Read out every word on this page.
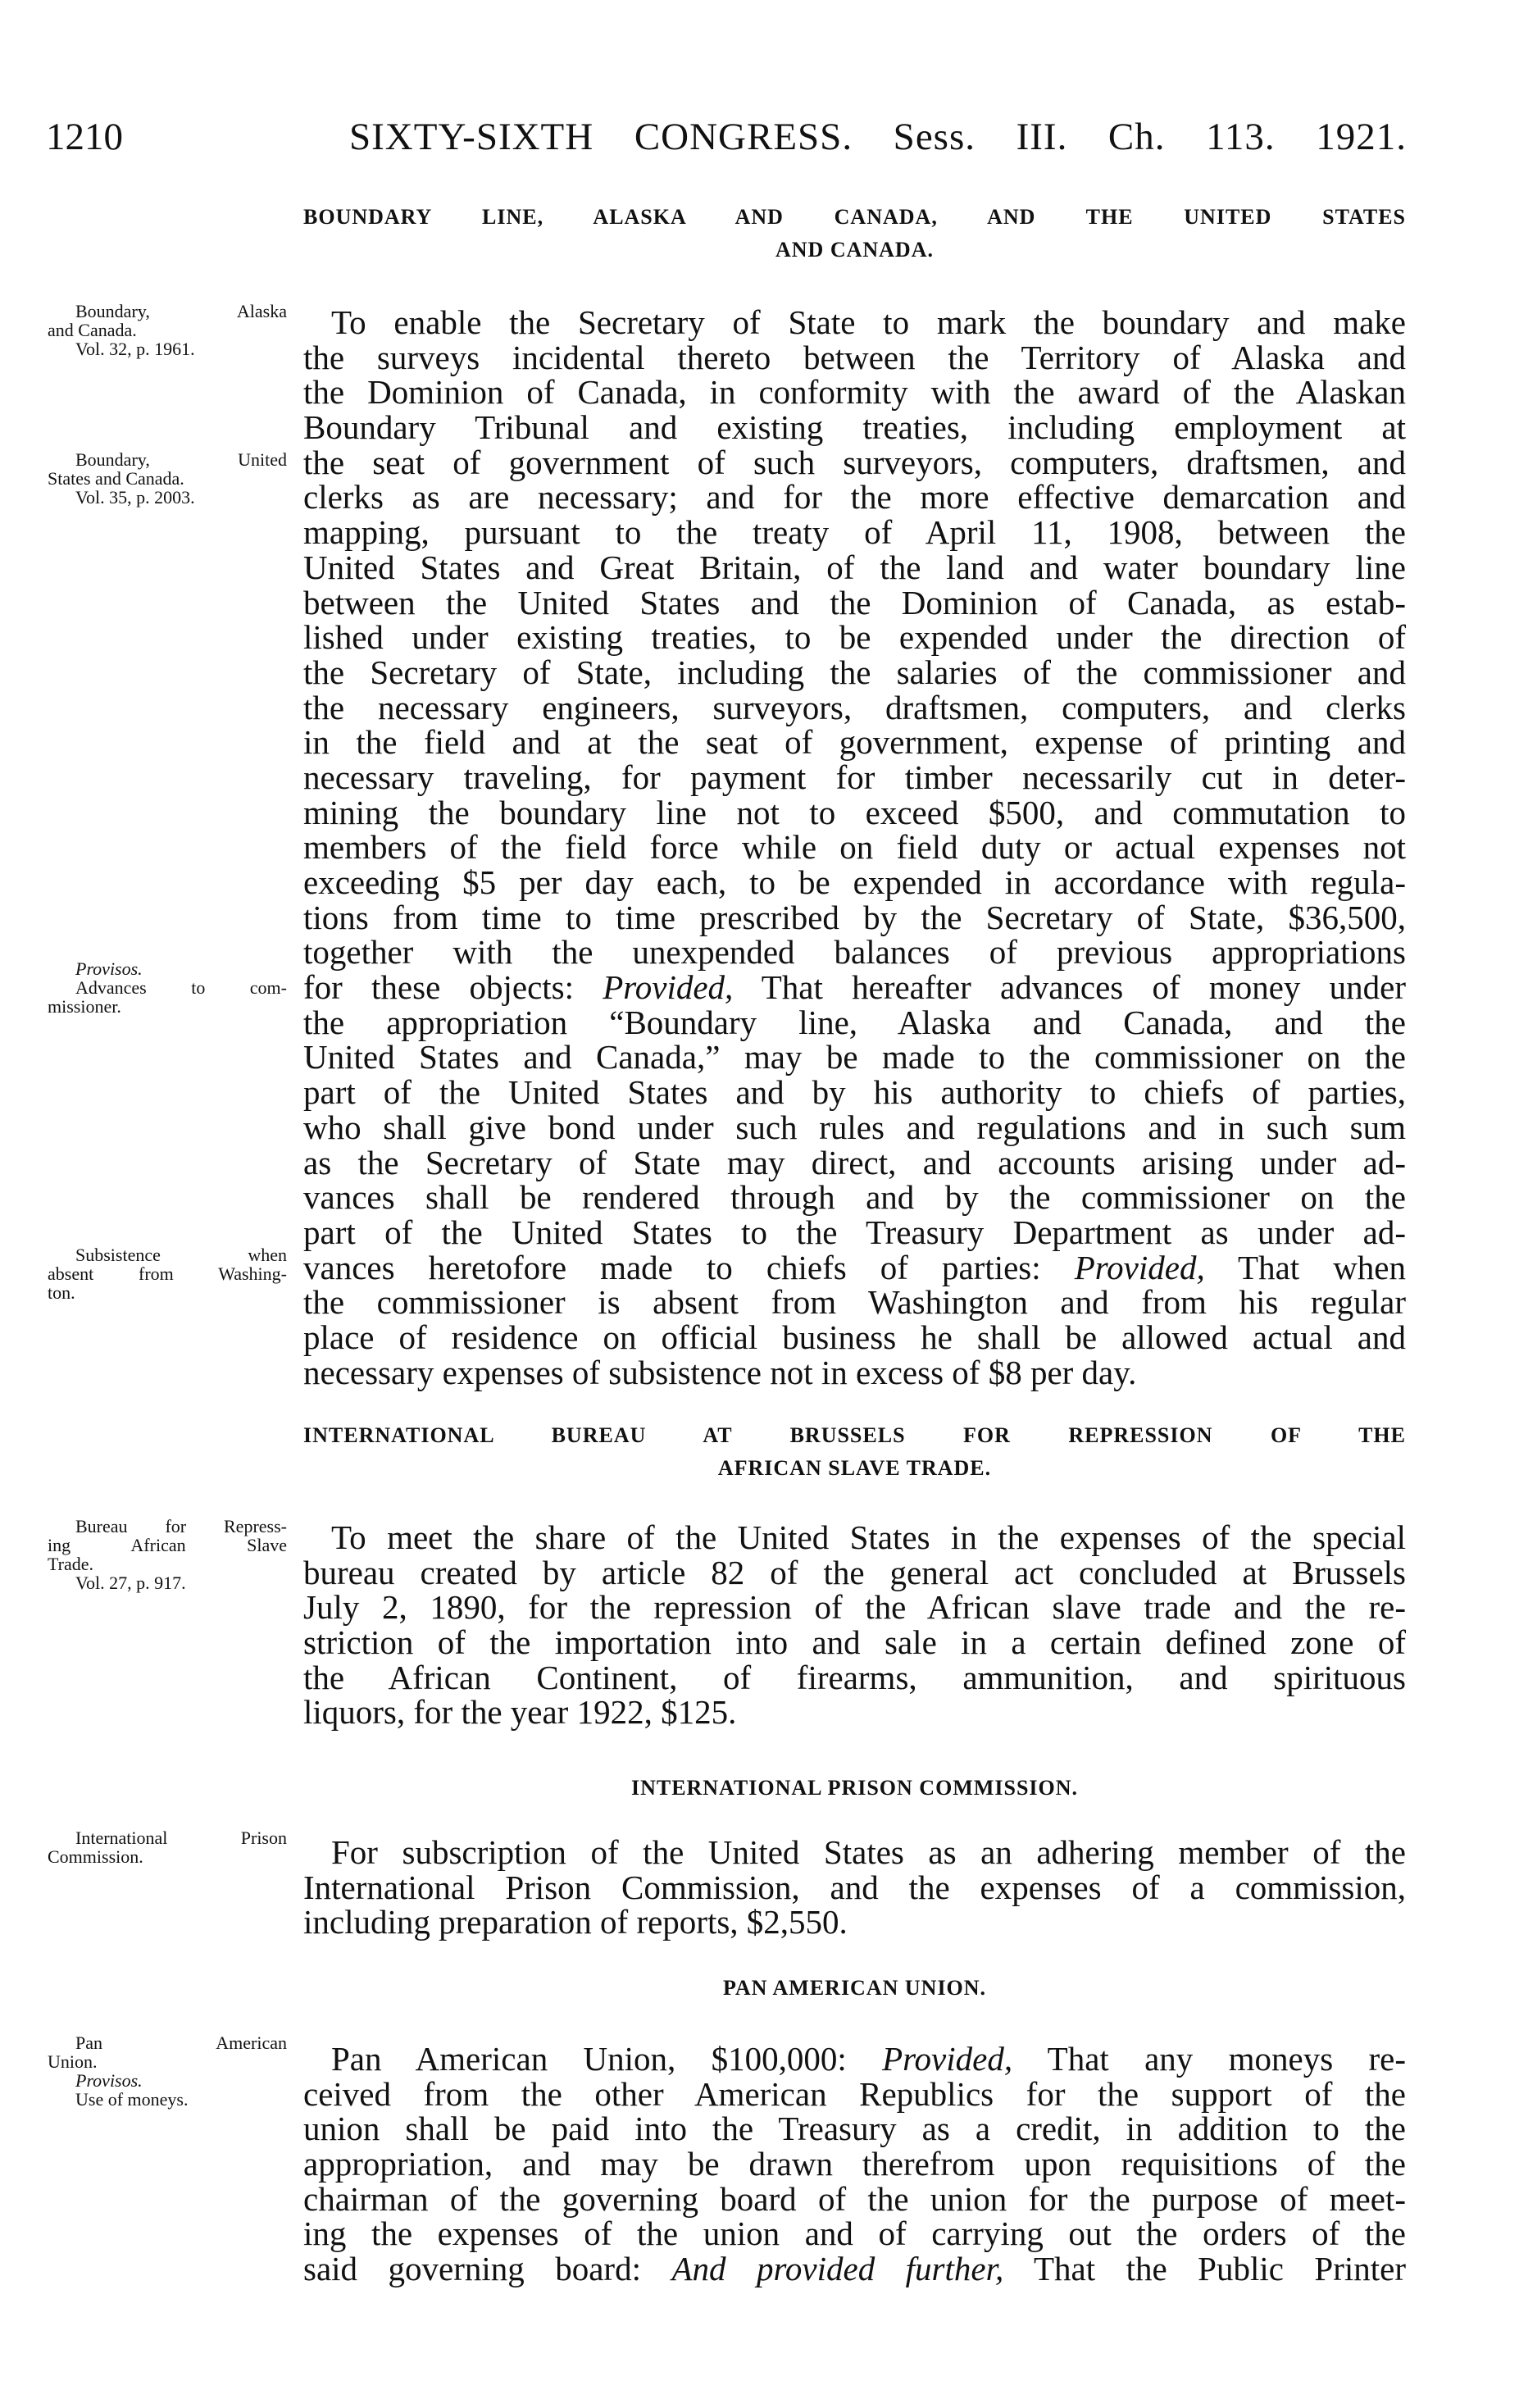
1210	SIXTY-SIXTH CONGRESS. Sess. III. Ch. 113. 1921.
BOUNDARY LINE, ALASKA AND CANADA, AND THE UNITED STATES
AND CANADA.
To enable the Secretary of State to mark the boundary and make
the surveys incidental thereto between the Territory of Alaska and
the Dominion of Canada, in conformity with the award of the Alaskan
Boundary Tribunal and existing treaties, including employment at
the seat of government of such surveyors, computers, draftsmen, and
clerks as are necessary; and for the more effective demarcation and
mapping, pursuant to the treaty of April 11, 1908, between the
United States and Great Britain, of the land and water boundary line
between the United States and the Dominion of Canada, as estab-
lished under existing treaties, to be expended under the direction of
the Secretary of State, including the salaries of the commissioner and
the necessary engineers, surveyors, draftsmen, computers, and clerks
in the field and at the seat of government, expense of printing and
necessary traveling, for payment for timber necessarily cut in deter-
mining the boundary line not to exceed $500, and commutation to
members of the field force while on field duty or actual expenses not
exceeding $5 per day each, to be expended in accordance with regula-
tions from time to time prescribed by the Secretary of State, $36,500,
together with the unexpended balances of previous appropriations
for these objects: Provided, That hereafter advances of money under
the appropriation “Boundary line, Alaska and Canada, and the
United States and Canada,” may be made to the commissioner on the
part of the United States and by his authority to chiefs of parties,
who shall give bond under such rules and regulations and in such sum
as the Secretary of State may direct, and accounts arising under ad-
vances shall be rendered through and by the commissioner on the
part of the United States to the Treasury Department as under ad-
vances heretofore made to chiefs of parties: Provided, That when
the commissioner is absent from Washington and from his regular
place of residence on official business he shall be allowed actual and
necessary expenses of subsistence not in excess of $8 per day.
Boundary, Alaska
and Canada.
Vol. 32, p. 1961.
Boundary, United
States and Canada.
Vol. 35, p. 2003.
Provisos.
Advances to com-
missioner.
Subsistence when
absent from Washing-
ton.
INTERNATIONAL BUREAU AT BRUSSELS FOR REPRESSION OF THE
AFRICAN SLAVE TRADE.
To meet the share of the United States in the expenses of the special
bureau created by article 82 of the general act concluded at Brussels
July 2, 1890, for the repression of the African slave trade and the re-
striction of the importation into and sale in a certain defined zone of
the African Continent, of firearms, ammunition, and spirituous
liquors, for the year 1922, $125.
Bureau for Repress-
ing African Slave
Trade.
Vol. 27, p. 917.
INTERNATIONAL PRISON COMMISSION.
For subscription of the United States as an adhering member of the
International Prison Commission, and the expenses of a commission,
including preparation of reports, $2,550.
International Prison
Commission.
PAN AMERICAN UNION.
Pan American Union, $100,000: Provided, That any moneys re-
ceived from the other American Republics for the support of the
union shall be paid into the Treasury as a credit, in addition to the
appropriation, and may be drawn therefrom upon requisitions of the
chairman of the governing board of the union for the purpose of meet-
ing the expenses of the union and of carrying out the orders of the
said governing board: And provided further, That the Public Printer
Pan American
Union.
Provisos.
Use of moneys.
